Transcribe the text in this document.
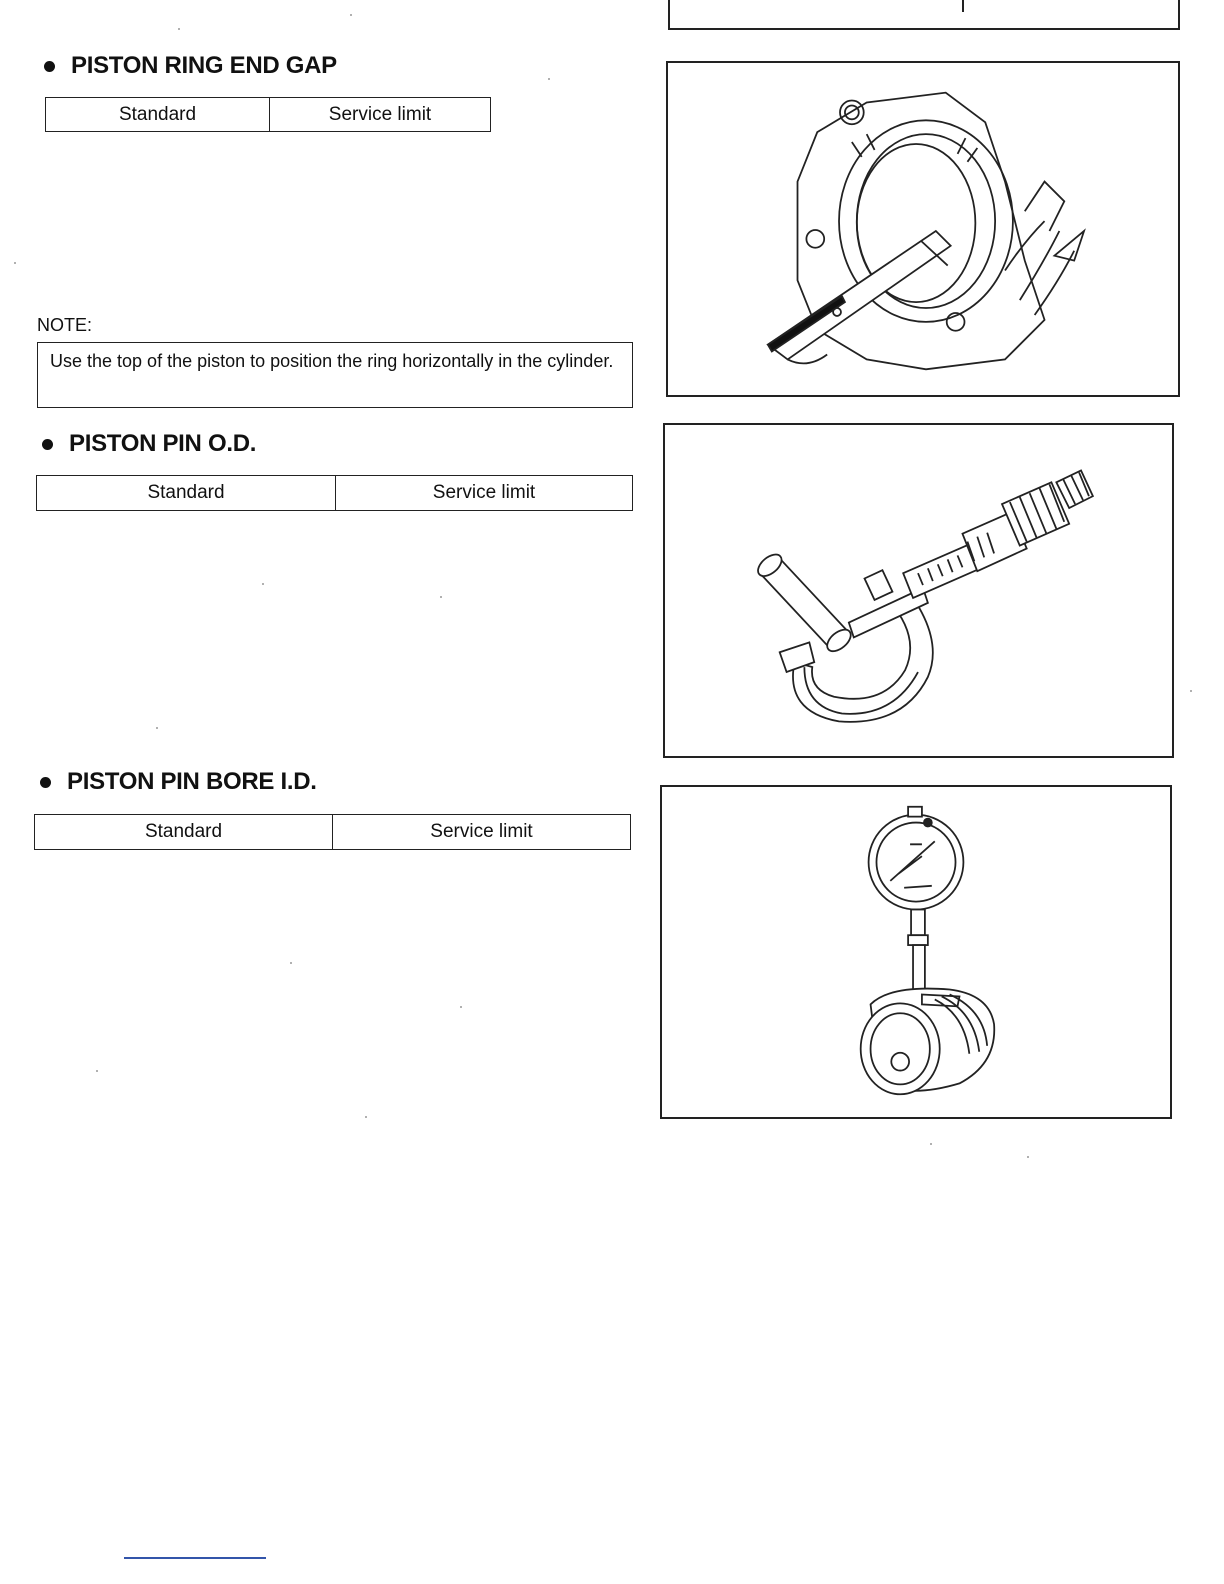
PISTON RING END GAP
Standard	Service limit
NOTE:
Use the top of the piston to position the ring horizontally in the cylinder.
PISTON PIN O.D.
Standard	Service limit
PISTON PIN BORE I.D.
Standard	Service limit
